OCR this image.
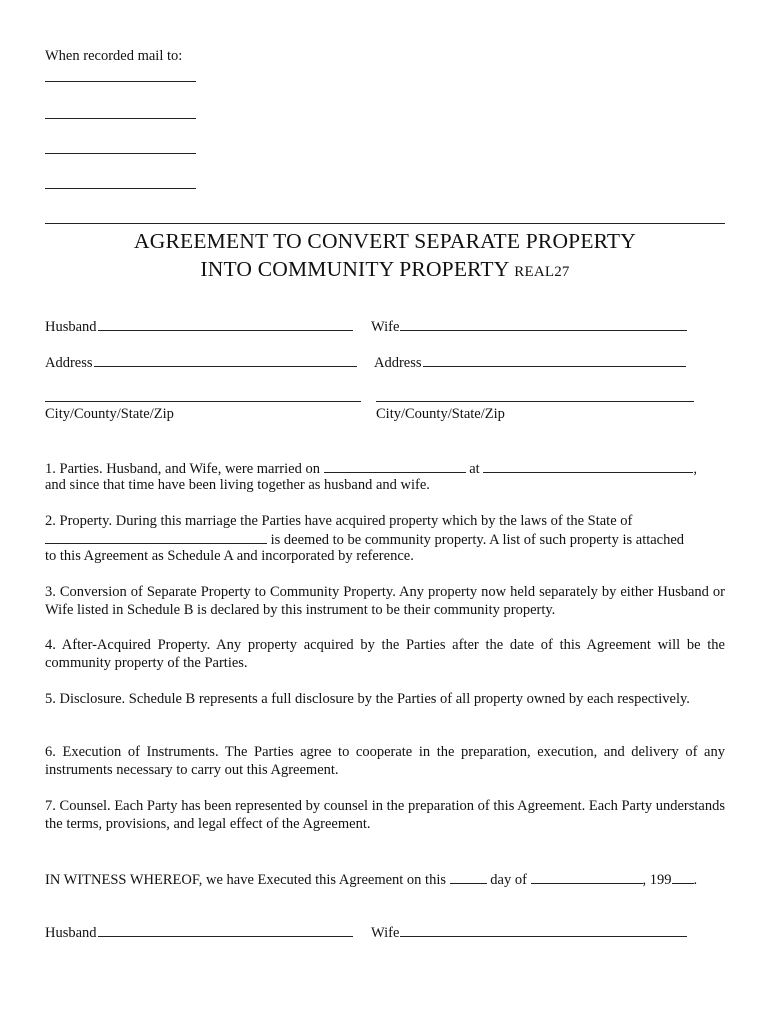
When recorded mail to:
AGREEMENT TO CONVERT SEPARATE PROPERTY
INTO COMMUNITY PROPERTY REAL27
Husband	Wife
Address	Address
City/County/State/Zip	City/County/State/Zip
1. Parties. Husband, and Wife, were married on	at	,
and since that time have been living together as husband and wife.
2. Property. During this marriage the Parties have acquired property which by the laws of the State of
is deemed to be community property. A list of such property is attached
to this Agreement as Schedule A and incorporated by reference.
3. Conversion of Separate Property to Community Property. Any property now held separately by either Husband or Wife listed in Schedule B is declared by this instrument to be their community property.
4. After-Acquired Property. Any property acquired by the Parties after the date of this Agreement will be the community property of the Parties.
5. Disclosure. Schedule B represents a full disclosure by the Parties of all property owned by each respectively.
6. Execution of Instruments. The Parties agree to cooperate in the preparation, execution, and delivery of any instruments necessary to carry out this Agreement.
7. Counsel. Each Party has been represented by counsel in the preparation of this Agreement. Each Party understands the terms, provisions, and legal effect of the Agreement.
IN WITNESS WHEREOF, we have Executed this Agreement on this	day of	, 199 .
Husband	Wife
